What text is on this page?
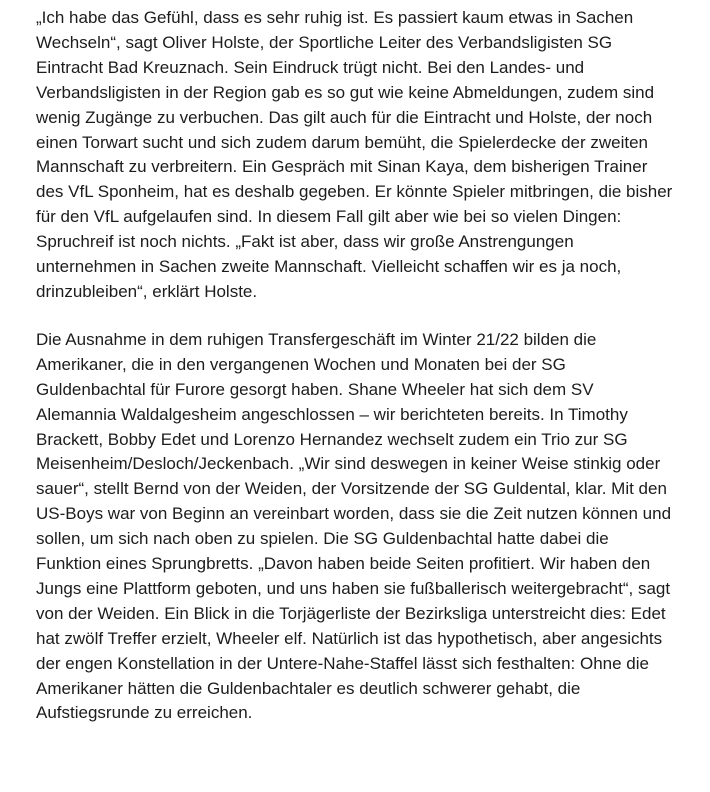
„Ich habe das Gefühl, dass es sehr ruhig ist. Es passiert kaum etwas in Sachen
Wechseln“, sagt Oliver Holste, der Sportliche Leiter des Verbandsligisten SG
Eintracht Bad Kreuznach. Sein Eindruck trügt nicht. Bei den Landes- und
Verbandsligisten in der Region gab es so gut wie keine Abmeldungen, zudem sind
wenig Zugänge zu verbuchen. Das gilt auch für die Eintracht und Holste, der noch
einen Torwart sucht und sich zudem darum bemüht, die Spielerdecke der zweiten
Mannschaft zu verbreitern. Ein Gespräch mit Sinan Kaya, dem bisherigen Trainer
des VfL Sponheim, hat es deshalb gegeben. Er könnte Spieler mitbringen, die bisher
für den VfL aufgelaufen sind. In diesem Fall gilt aber wie bei so vielen Dingen:
Spruchreif ist noch nichts. „Fakt ist aber, dass wir große Anstrengungen
unternehmen in Sachen zweite Mannschaft. Vielleicht schaffen wir es ja noch,
drinzubleiben“, erklärt Holste.

Die Ausnahme in dem ruhigen Transfergeschäft im Winter 21/22 bilden die
Amerikaner, die in den vergangenen Wochen und Monaten bei der SG
Guldenbachtal für Furore gesorgt haben. Shane Wheeler hat sich dem SV
Alemannia Waldalgesheim angeschlossen – wir berichteten bereits. In Timothy
Brackett, Bobby Edet und Lorenzo Hernandez wechselt zudem ein Trio zur SG
Meisenheim/Desloch/Jeckenbach. „Wir sind deswegen in keiner Weise stinkig oder
sauer“, stellt Bernd von der Weiden, der Vorsitzende der SG Guldental, klar. Mit den
US-Boys war von Beginn an vereinbart worden, dass sie die Zeit nutzen können und
sollen, um sich nach oben zu spielen. Die SG Guldenbachtal hatte dabei die
Funktion eines Sprungbretts. „Davon haben beide Seiten profitiert. Wir haben den
Jungs eine Plattform geboten, und uns haben sie fußballerisch weitergebracht“, sagt
von der Weiden. Ein Blick in die Torjägerliste der Bezirksliga unterstreicht dies: Edet
hat zwölf Treffer erzielt, Wheeler elf. Natürlich ist das hypothetisch, aber angesichts
der engen Konstellation in der Untere-Nahe-Staffel lässt sich festhalten: Ohne die
Amerikaner hätten die Guldenbachtaler es deutlich schwerer gehabt, die
Aufstiegsrunde zu erreichen.
